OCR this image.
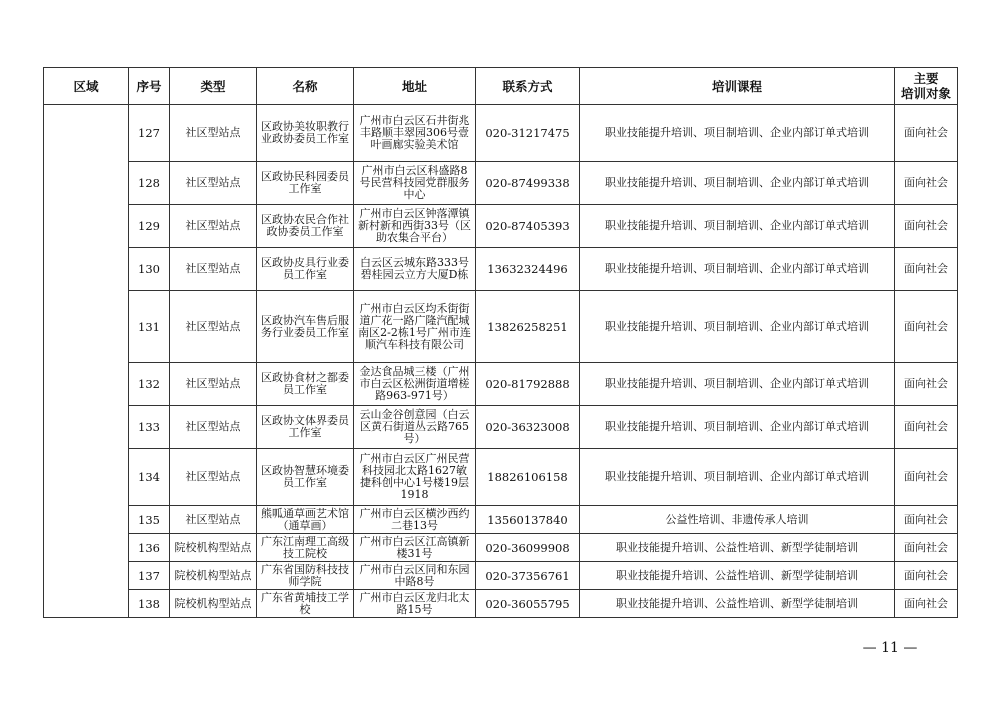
区域	序号	类型	名称	地址	联系方式	培训课程	主要
培训对象
	127	社区型站点	区政协美妆职教行业政协委员工作室	广州市白云区石井街兆丰路顺丰翠园306号壹叶画廊实验美术馆	020-31217475	职业技能提升培训、项目制培训、企业内部订单式培训	面向社会
	128	社区型站点	区政协民科园委员工作室	广州市白云区科盛路8号民营科技园党群服务中心	020-87499338	职业技能提升培训、项目制培训、企业内部订单式培训	面向社会
	129	社区型站点	区政协农民合作社政协委员工作室	广州市白云区钟落潭镇新村新和西街33号（区助农集合平台）	020-87405393	职业技能提升培训、项目制培训、企业内部订单式培训	面向社会
	130	社区型站点	区政协皮具行业委员工作室	白云区云城东路333号碧桂园云立方大厦D栋	13632324496	职业技能提升培训、项目制培训、企业内部订单式培训	面向社会
	131	社区型站点	区政协汽车售后服务行业委员工作室	广州市白云区均禾街街道广花一路广隆汽配城南区2-2栋1号广州市连顺汽车科技有限公司	13826258251	职业技能提升培训、项目制培训、企业内部订单式培训	面向社会
	132	社区型站点	区政协食材之都委员工作室	金达食品城三楼（广州市白云区松洲街道增槎路963-971号）	020-81792888	职业技能提升培训、项目制培训、企业内部订单式培训	面向社会
	133	社区型站点	区政协文体界委员工作室	云山金谷创意园（白云区黄石街道丛云路765号）	020-36323008	职业技能提升培训、项目制培训、企业内部订单式培训	面向社会
	134	社区型站点	区政协智慧环境委员工作室	广州市白云区广州民营科技园北太路1627敏捷科创中心1号楼19层1918	18826106158	职业技能提升培训、项目制培训、企业内部订单式培训	面向社会
	135	社区型站点	熊呱通草画艺术馆（通草画）	广州市白云区横沙西约二巷13号	13560137840	公益性培训、非遗传承人培训	面向社会
	136	院校机构型站点	广东江南理工高级技工院校	广州市白云区江高镇新楼31号	020-36099908	职业技能提升培训、公益性培训、新型学徒制培训	面向社会
	137	院校机构型站点	广东省国防科技技师学院	广州市白云区同和东园中路8号	020-37356761	职业技能提升培训、公益性培训、新型学徒制培训	面向社会
	138	院校机构型站点	广东省黄埔技工学校	广州市白云区龙归北太路15号	020-36055795	职业技能提升培训、公益性培训、新型学徒制培训	面向社会
— 11 —
